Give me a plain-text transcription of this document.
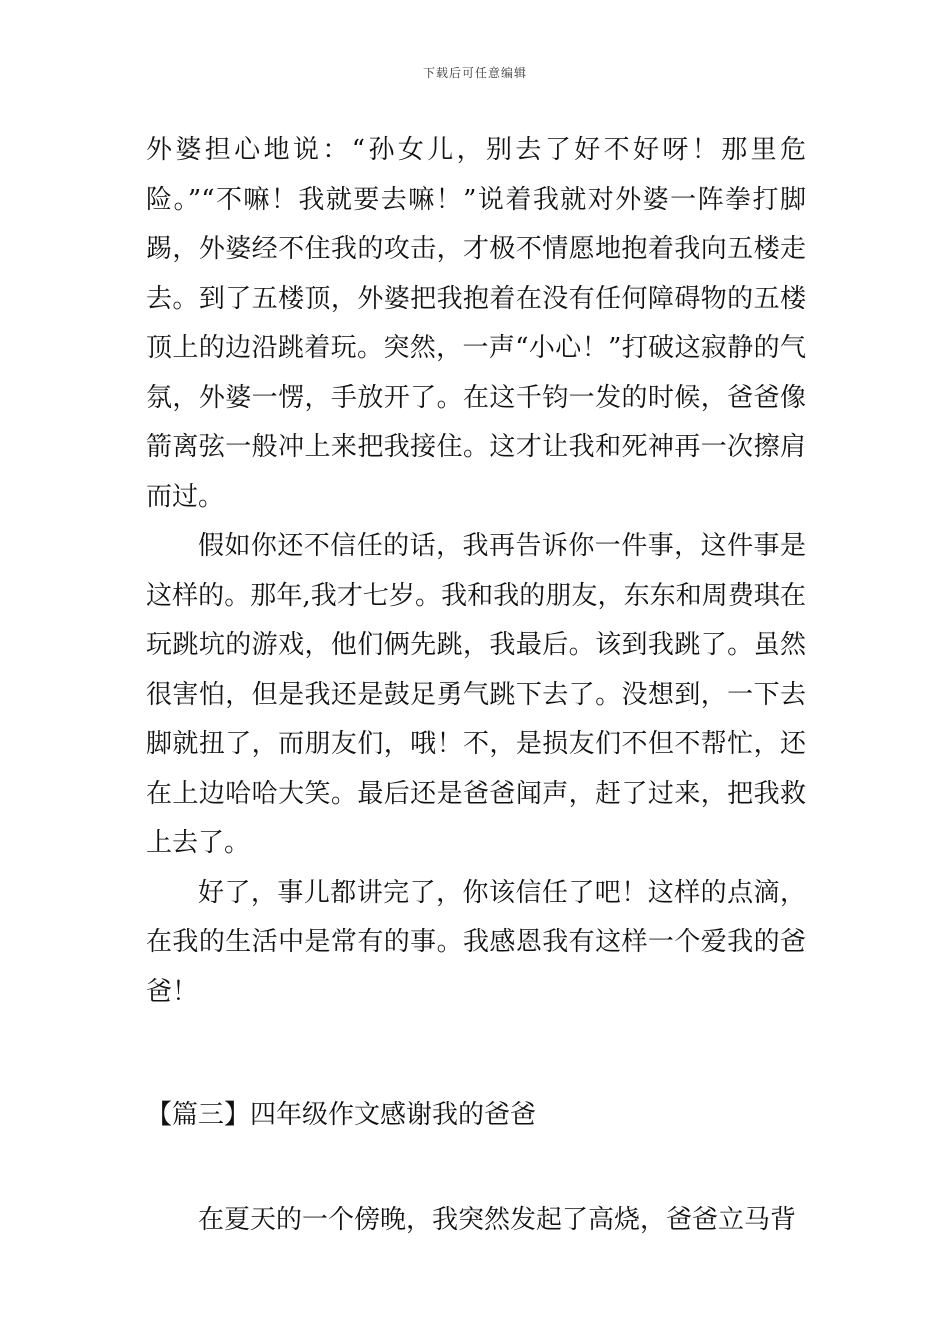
下载后可任意编辑

外婆担心地说：“孙女儿，别去了好不好呀！那里危险。”“不嘛！我就要去嘛！”说着我就对外婆一阵拳打脚踢，外婆经不住我的攻击，才极不情愿地抱着我向五楼走去。到了五楼顶，外婆把我抱着在没有任何障碍物的五楼顶上的边沿跳着玩。突然，一声“小心！”打破这寂静的气氛，外婆一愣，手放开了。在这千钧一发的时候，爸爸像箭离弦一般冲上来把我接住。这才让我和死神再一次擦肩而过。

假如你还不信任的话，我再告诉你一件事，这件事是这样的。那年,我才七岁。我和我的朋友，东东和周费琪在玩跳坑的游戏，他们俩先跳，我最后。该到我跳了。虽然很害怕，但是我还是鼓足勇气跳下去了。没想到，一下去脚就扭了，而朋友们，哦！不，是损友们不但不帮忙，还在上边哈哈大笑。最后还是爸爸闻声，赶了过来，把我救上去了。

好了，事儿都讲完了，你该信任了吧！这样的点滴，在我的生活中是常有的事。我感恩我有这样一个爱我的爸爸！

【篇三】四年级作文感谢我的爸爸

在夏天的一个傍晚，我突然发起了高烧，爸爸立马背
